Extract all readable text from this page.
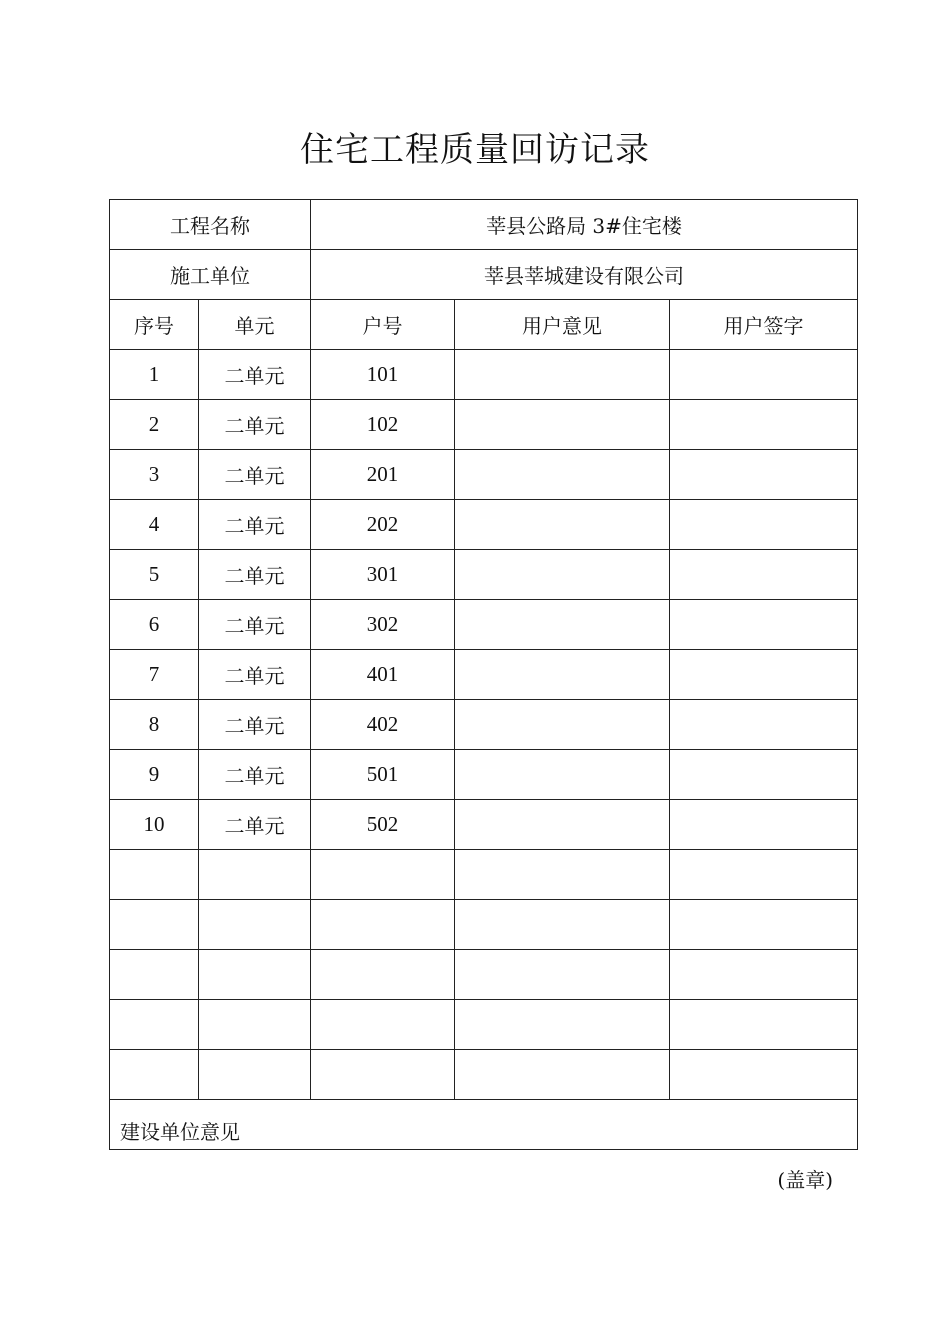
住宅工程质量回访记录
工程名称		莘县公路局 3#住宅楼		
施工单位		莘县莘城建设有限公司		
序号	单元	户号	用户意见	用户签字
1	二单元	101		
2	二单元	102		
3	二单元	201		
4	二单元	202		
5	二单元	301		
6	二单元	302		
7	二单元	401		
8	二单元	402		
9	二单元	501		
10	二单元	502		

建设单位意见
(盖章)				
